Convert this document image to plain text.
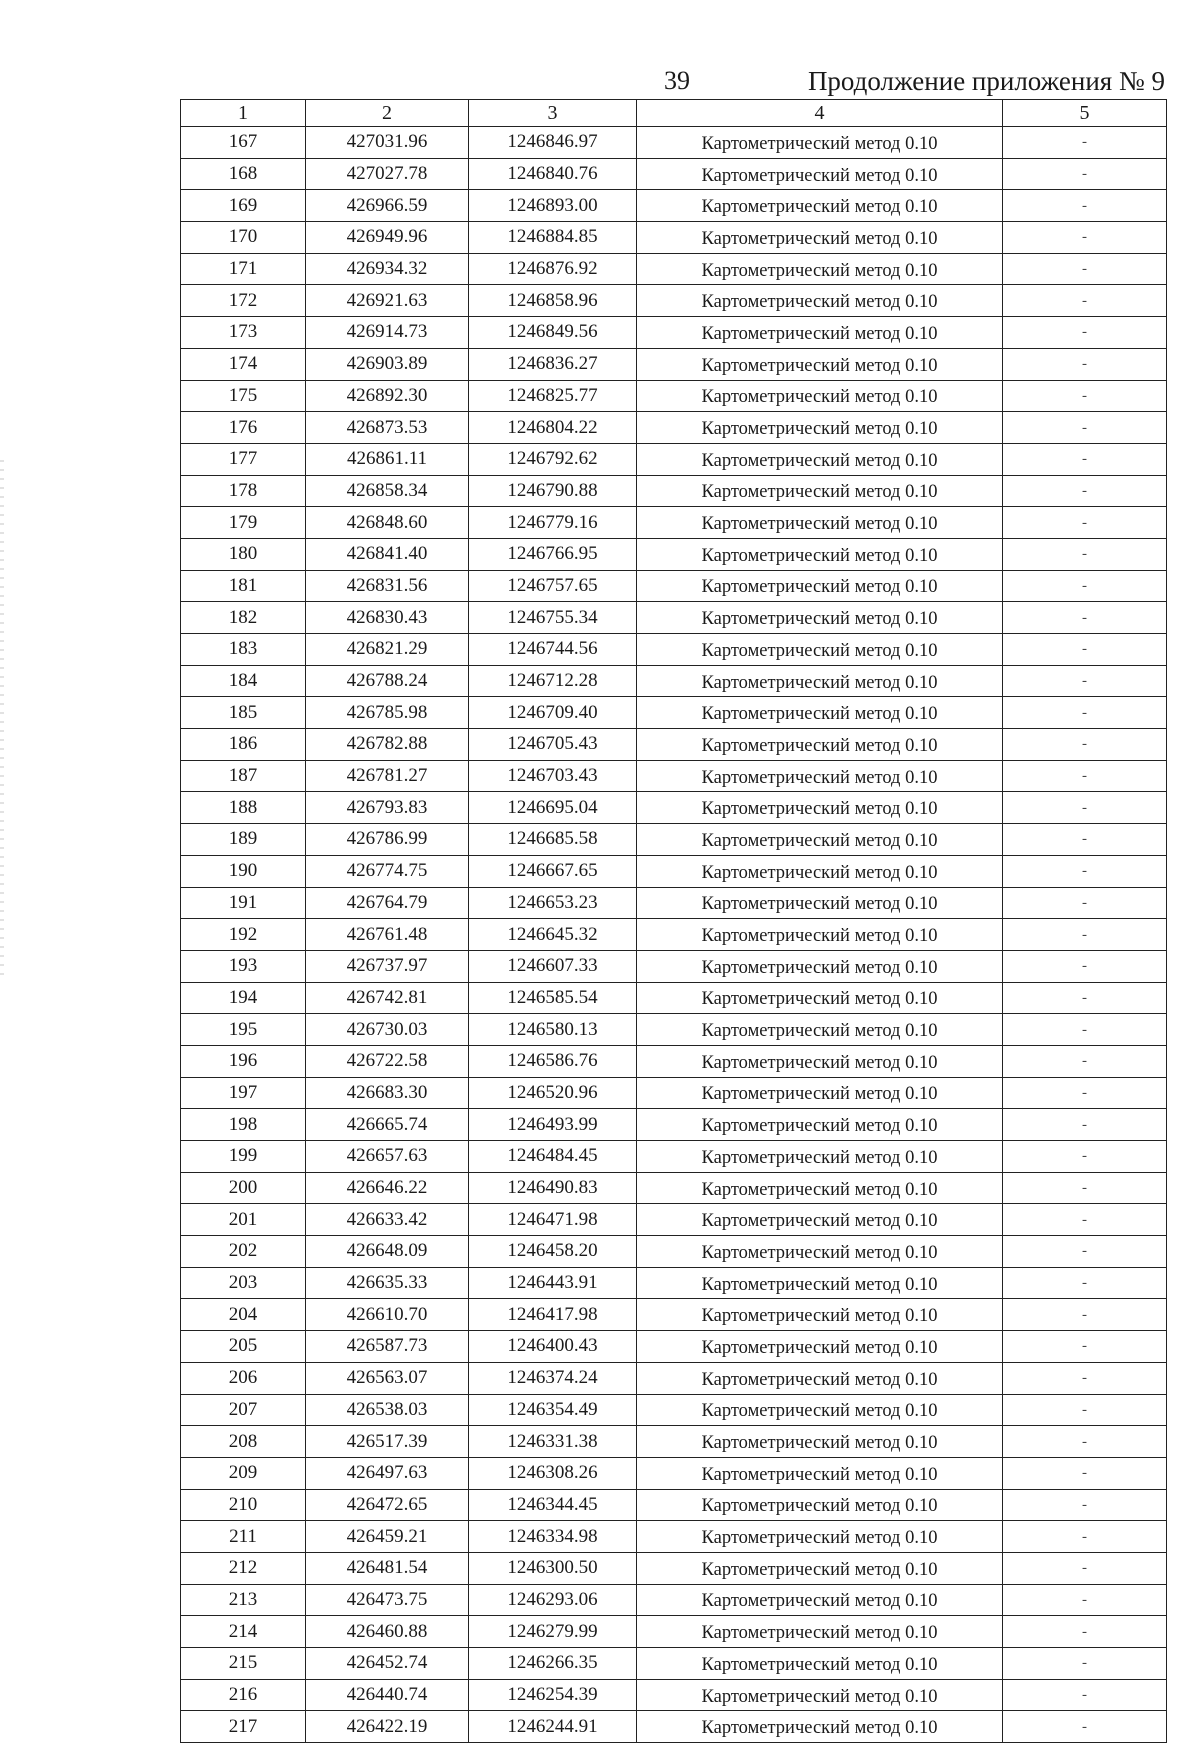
39	Продолжение приложения № 9
1	2	3	4	5
167	427031.96	1246846.97	Картометрический метод 0.10	-
168	427027.78	1246840.76	Картометрический метод 0.10	-
169	426966.59	1246893.00	Картометрический метод 0.10	-
170	426949.96	1246884.85	Картометрический метод 0.10	-
171	426934.32	1246876.92	Картометрический метод 0.10	-
172	426921.63	1246858.96	Картометрический метод 0.10	-
173	426914.73	1246849.56	Картометрический метод 0.10	-
174	426903.89	1246836.27	Картометрический метод 0.10	-
175	426892.30	1246825.77	Картометрический метод 0.10	-
176	426873.53	1246804.22	Картометрический метод 0.10	-
177	426861.11	1246792.62	Картометрический метод 0.10	-
178	426858.34	1246790.88	Картометрический метод 0.10	-
179	426848.60	1246779.16	Картометрический метод 0.10	-
180	426841.40	1246766.95	Картометрический метод 0.10	-
181	426831.56	1246757.65	Картометрический метод 0.10	-
182	426830.43	1246755.34	Картометрический метод 0.10	-
183	426821.29	1246744.56	Картометрический метод 0.10	-
184	426788.24	1246712.28	Картометрический метод 0.10	-
185	426785.98	1246709.40	Картометрический метод 0.10	-
186	426782.88	1246705.43	Картометрический метод 0.10	-
187	426781.27	1246703.43	Картометрический метод 0.10	-
188	426793.83	1246695.04	Картометрический метод 0.10	-
189	426786.99	1246685.58	Картометрический метод 0.10	-
190	426774.75	1246667.65	Картометрический метод 0.10	-
191	426764.79	1246653.23	Картометрический метод 0.10	-
192	426761.48	1246645.32	Картометрический метод 0.10	-
193	426737.97	1246607.33	Картометрический метод 0.10	-
194	426742.81	1246585.54	Картометрический метод 0.10	-
195	426730.03	1246580.13	Картометрический метод 0.10	-
196	426722.58	1246586.76	Картометрический метод 0.10	-
197	426683.30	1246520.96	Картометрический метод 0.10	-
198	426665.74	1246493.99	Картометрический метод 0.10	-
199	426657.63	1246484.45	Картометрический метод 0.10	-
200	426646.22	1246490.83	Картометрический метод 0.10	-
201	426633.42	1246471.98	Картометрический метод 0.10	-
202	426648.09	1246458.20	Картометрический метод 0.10	-
203	426635.33	1246443.91	Картометрический метод 0.10	-
204	426610.70	1246417.98	Картометрический метод 0.10	-
205	426587.73	1246400.43	Картометрический метод 0.10	-
206	426563.07	1246374.24	Картометрический метод 0.10	-
207	426538.03	1246354.49	Картометрический метод 0.10	-
208	426517.39	1246331.38	Картометрический метод 0.10	-
209	426497.63	1246308.26	Картометрический метод 0.10	-
210	426472.65	1246344.45	Картометрический метод 0.10	-
211	426459.21	1246334.98	Картометрический метод 0.10	-
212	426481.54	1246300.50	Картометрический метод 0.10	-
213	426473.75	1246293.06	Картометрический метод 0.10	-
214	426460.88	1246279.99	Картометрический метод 0.10	-
215	426452.74	1246266.35	Картометрический метод 0.10	-
216	426440.74	1246254.39	Картометрический метод 0.10	-
217	426422.19	1246244.91	Картометрический метод 0.10	-
